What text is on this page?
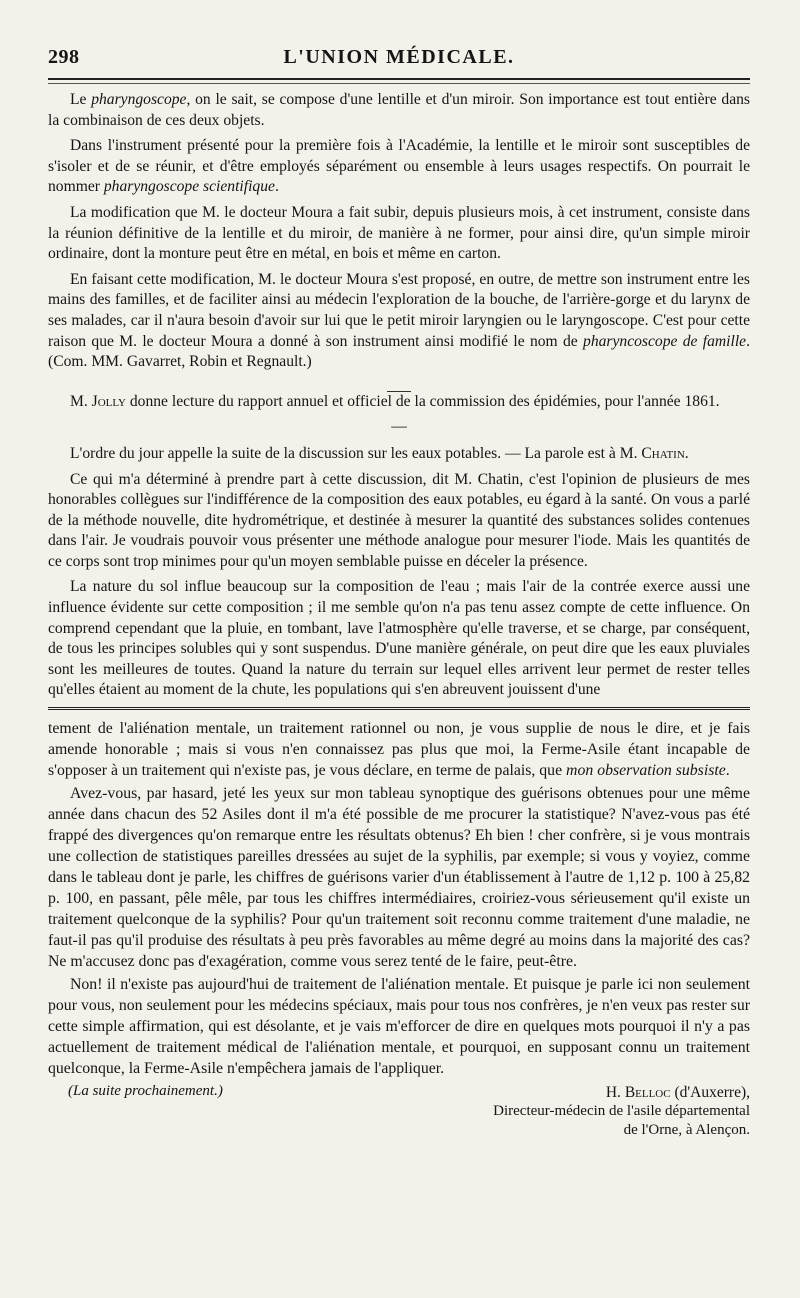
298	L'UNION MÉDICALE.

Le pharyngoscope, on le sait, se compose d'une lentille et d'un miroir. Son importance est tout entière dans la combinaison de ces deux objets.

Dans l'instrument présenté pour la première fois à l'Académie, la lentille et le miroir sont susceptibles de s'isoler et de se réunir, et d'être employés séparément ou ensemble à leurs usages respectifs. On pourrait le nommer pharyngoscope scientifique.

La modification que M. le docteur Moura a fait subir, depuis plusieurs mois, à cet instrument, consiste dans la réunion définitive de la lentille et du miroir, de manière à ne former, pour ainsi dire, qu'un simple miroir ordinaire, dont la monture peut être en métal, en bois et même en carton.

En faisant cette modification, M. le docteur Moura s'est proposé, en outre, de mettre son instrument entre les mains des familles, et de faciliter ainsi au médecin l'exploration de la bouche, de l'arrière-gorge et du larynx de ses malades, car il n'aura besoin d'avoir sur lui que le petit miroir laryngien ou le laryngoscope. C'est pour cette raison que M. le docteur Moura a donné à son instrument ainsi modifié le nom de pharyncoscope de famille. (Com. MM. Gavarret, Robin et Regnault.)

M. Jolly donne lecture du rapport annuel et officiel de la commission des épidémies, pour l'année 1861.

—

L'ordre du jour appelle la suite de la discussion sur les eaux potables. — La parole est à M. Chatin.

Ce qui m'a déterminé à prendre part à cette discussion, dit M. Chatin, c'est l'opinion de plusieurs de mes honorables collègues sur l'indifférence de la composition des eaux potables, eu égard à la santé. On vous a parlé de la méthode nouvelle, dite hydrométrique, et destinée à mesurer la quantité des substances solides contenues dans l'air. Je voudrais pouvoir vous présenter une méthode analogue pour mesurer l'iode. Mais les quantités de ce corps sont trop minimes pour qu'un moyen semblable puisse en déceler la présence.

La nature du sol influe beaucoup sur la composition de l'eau ; mais l'air de la contrée exerce aussi une influence évidente sur cette composition ; il me semble qu'on n'a pas tenu assez compte de cette influence. On comprend cependant que la pluie, en tombant, lave l'atmosphère qu'elle traverse, et se charge, par conséquent, de tous les principes solubles qui y sont suspendus. D'une manière générale, on peut dire que les eaux pluviales sont les meilleures de toutes. Quand la nature du terrain sur lequel elles arrivent leur permet de rester telles qu'elles étaient au moment de la chute, les populations qui s'en abreuvent jouissent d'une

tement de l'aliénation mentale, un traitement rationnel ou non, je vous supplie de nous le dire, et je fais amende honorable ; mais si vous n'en connaissez pas plus que moi, la Ferme-Asile étant incapable de s'opposer à un traitement qui n'existe pas, je vous déclare, en terme de palais, que mon observation subsiste.

Avez-vous, par hasard, jeté les yeux sur mon tableau synoptique des guérisons obtenues pour une même année dans chacun des 52 Asiles dont il m'a été possible de me procurer la statistique? N'avez-vous pas été frappé des divergences qu'on remarque entre les résultats obtenus? Eh bien ! cher confrère, si je vous montrais une collection de statistiques pareilles dressées au sujet de la syphilis, par exemple; si vous y voyiez, comme dans le tableau dont je parle, les chiffres de guérisons varier d'un établissement à l'autre de 1,12 p. 100 à 25,82 p. 100, en passant, pêle mêle, par tous les chiffres intermédiaires, croiriez-vous sérieusement qu'il existe un traitement quelconque de la syphilis? Pour qu'un traitement soit reconnu comme traitement d'une maladie, ne faut-il pas qu'il produise des résultats à peu près favorables au même degré au moins dans la majorité des cas? Ne m'accusez donc pas d'exagération, comme vous serez tenté de le faire, peut-être.

Non! il n'existe pas aujourd'hui de traitement de l'aliénation mentale. Et puisque je parle ici non seulement pour vous, non seulement pour les médecins spéciaux, mais pour tous nos confrères, je n'en veux pas rester sur cette simple affirmation, qui est désolante, et je vais m'efforcer de dire en quelques mots pourquoi il n'y a pas actuellement de traitement médical de l'aliénation mentale, et pourquoi, en supposant connu un traitement quelconque, la Ferme-Asile n'empêchera jamais de l'appliquer.

(La suite prochainement.)	H. Belloc (d'Auxerre),
Directeur-médecin de l'asile départemental
de l'Orne, à Alençon.
